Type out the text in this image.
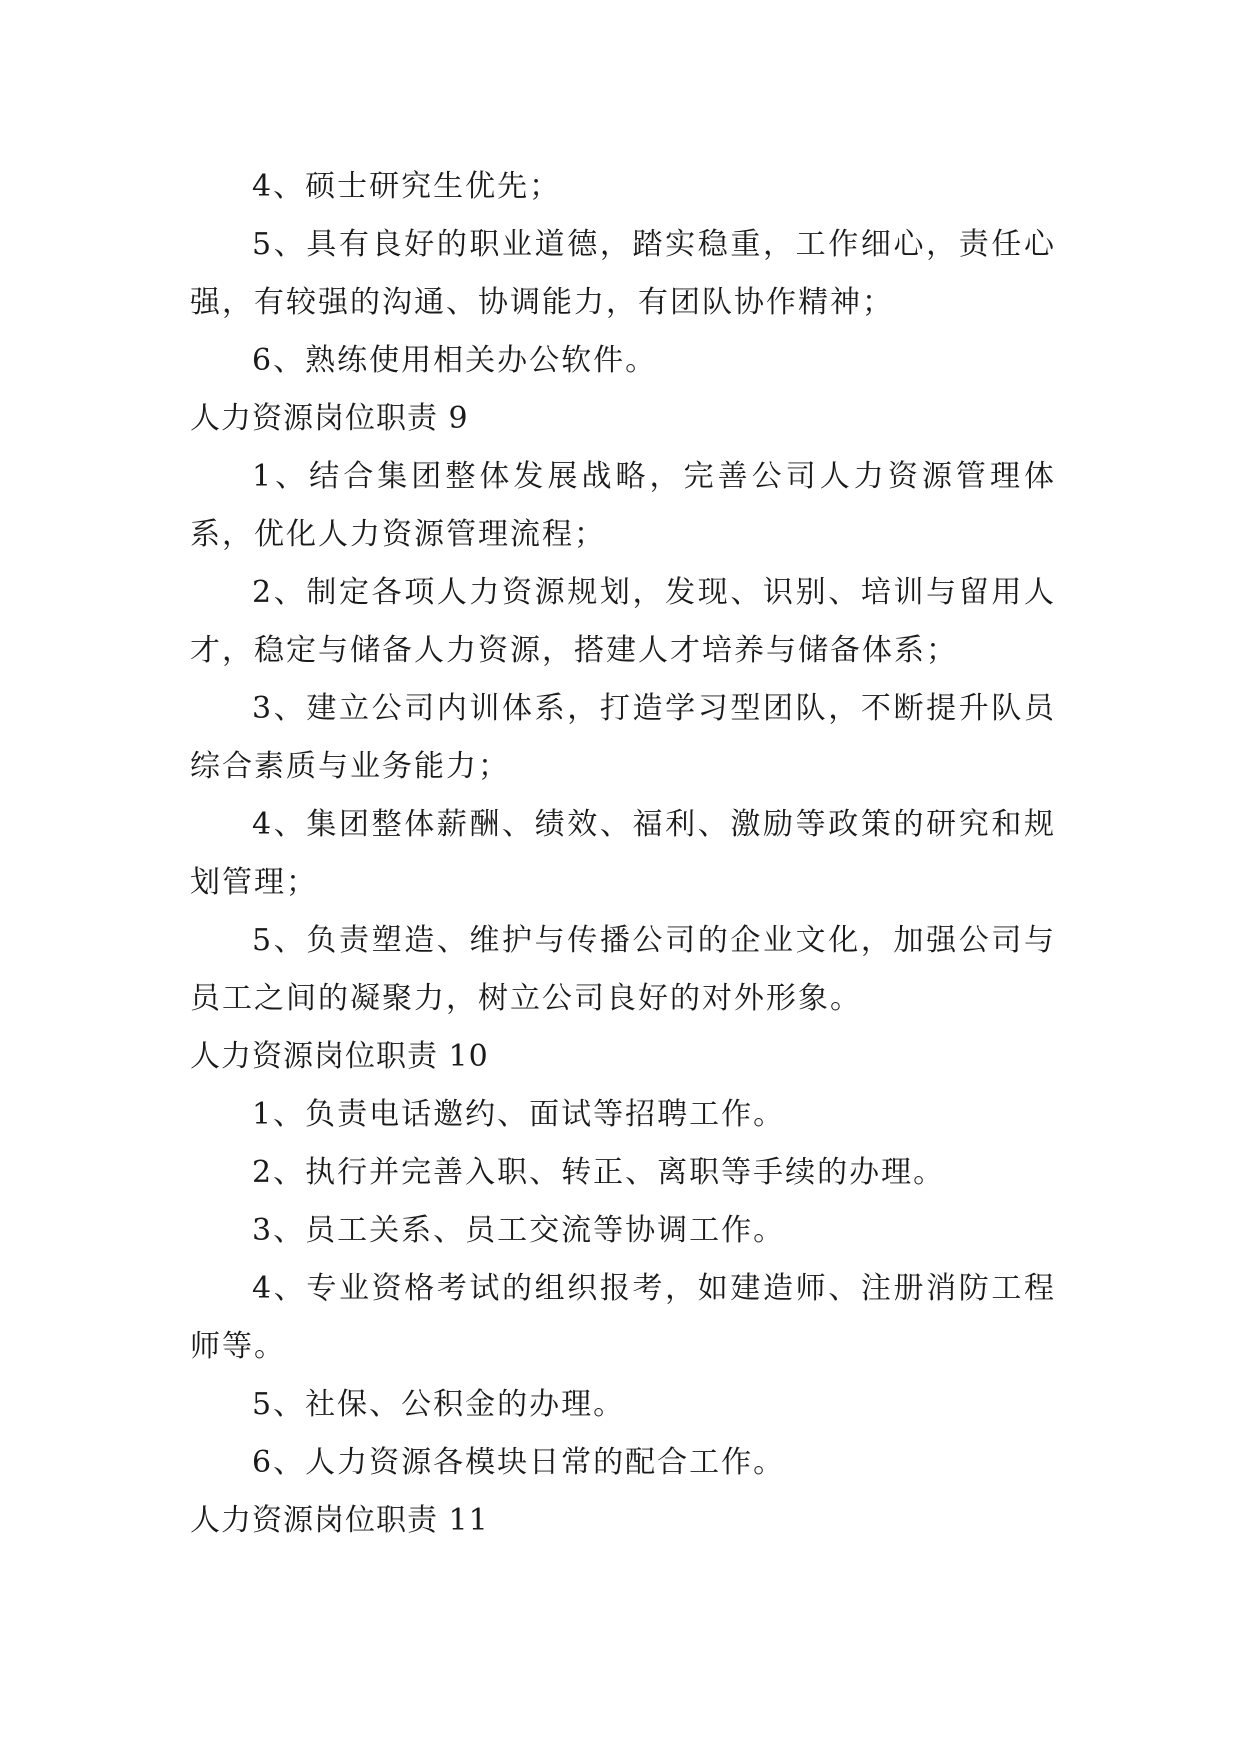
4、硕士研究生优先；

5、具有良好的职业道德，踏实稳重，工作细心，责任心强，有较强的沟通、协调能力，有团队协作精神；

6、熟练使用相关办公软件。

人力资源岗位职责 9

1、结合集团整体发展战略，完善公司人力资源管理体系，优化人力资源管理流程；

2、制定各项人力资源规划，发现、识别、培训与留用人才，稳定与储备人力资源，搭建人才培养与储备体系；

3、建立公司内训体系，打造学习型团队，不断提升队员综合素质与业务能力；

4、集团整体薪酬、绩效、福利、激励等政策的研究和规划管理；

5、负责塑造、维护与传播公司的企业文化，加强公司与员工之间的凝聚力，树立公司良好的对外形象。

人力资源岗位职责 10

1、负责电话邀约、面试等招聘工作。

2、执行并完善入职、转正、离职等手续的办理。

3、员工关系、员工交流等协调工作。

4、专业资格考试的组织报考，如建造师、注册消防工程师等。

5、社保、公积金的办理。

6、人力资源各模块日常的配合工作。

人力资源岗位职责 11
